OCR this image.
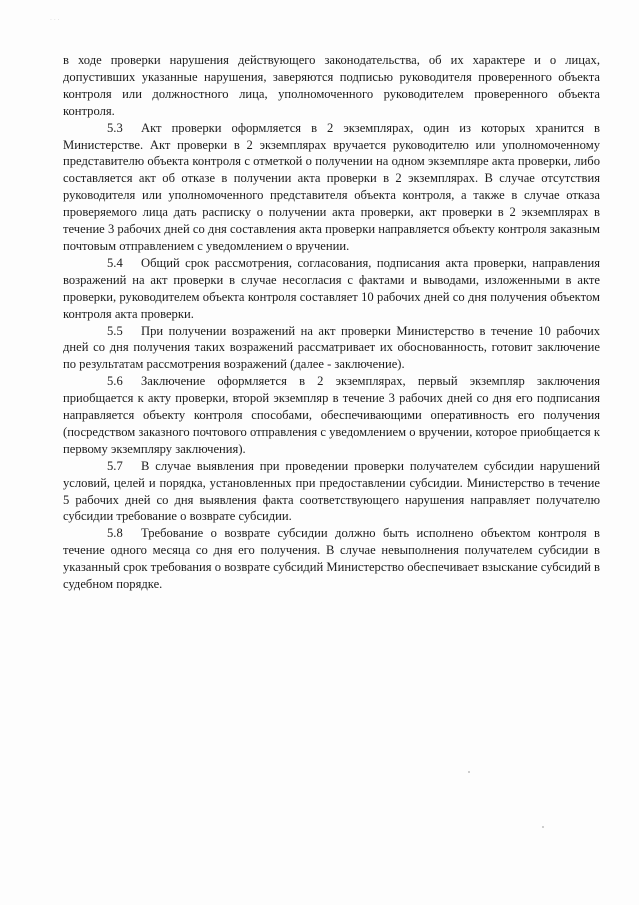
· · ·

в ходе проверки нарушения действующего законодательства, об их характере и о лицах, допустивших указанные нарушения, заверяются подписью руководителя проверенного объекта контроля или должностного лица, уполномоченного руководителем проверенного объекта контроля.

5.3 Акт проверки оформляется в 2 экземплярах, один из которых хранится в Министерстве. Акт проверки в 2 экземплярах вручается руководителю или уполномоченному представителю объекта контроля с отметкой о получении на одном экземпляре акта проверки, либо составляется акт об отказе в получении акта проверки в 2 экземплярах. В случае отсутствия руководителя или уполномоченного представителя объекта контроля, а также в случае отказа проверяемого лица дать расписку о получении акта проверки, акт проверки в 2 экземплярах в течение 3 рабочих дней со дня составления акта проверки направляется объекту контроля заказным почтовым отправлением с уведомлением о вручении.

5.4 Общий срок рассмотрения, согласования, подписания акта проверки, направления возражений на акт проверки в случае несогласия с фактами и выводами, изложенными в акте проверки, руководителем объекта контроля составляет 10 рабочих дней со дня получения объектом контроля акта проверки.

5.5 При получении возражений на акт проверки Министерство в течение 10 рабочих дней со дня получения таких возражений рассматривает их обоснованность, готовит заключение по результатам рассмотрения возражений (далее - заключение).

5.6 Заключение оформляется в 2 экземплярах, первый экземпляр заключения приобщается к акту проверки, второй экземпляр в течение 3 рабочих дней со дня его подписания направляется объекту контроля способами, обеспечивающими оперативность его получения (посредством заказного почтового отправления с уведомлением о вручении, которое приобщается к первому экземпляру заключения).

5.7 В случае выявления при проведении проверки получателем субсидии нарушений условий, целей и порядка, установленных при предоставлении субсидии. Министерство в течение 5 рабочих дней со дня выявления факта соответствующего нарушения направляет получателю субсидии требование о возврате субсидии.

5.8 Требование о возврате субсидии должно быть исполнено объектом контроля в течение одного месяца со дня его получения. В случае невыполнения получателем субсидии в указанный срок требования о возврате субсидий Министерство обеспечивает взыскание субсидий в судебном порядке.
